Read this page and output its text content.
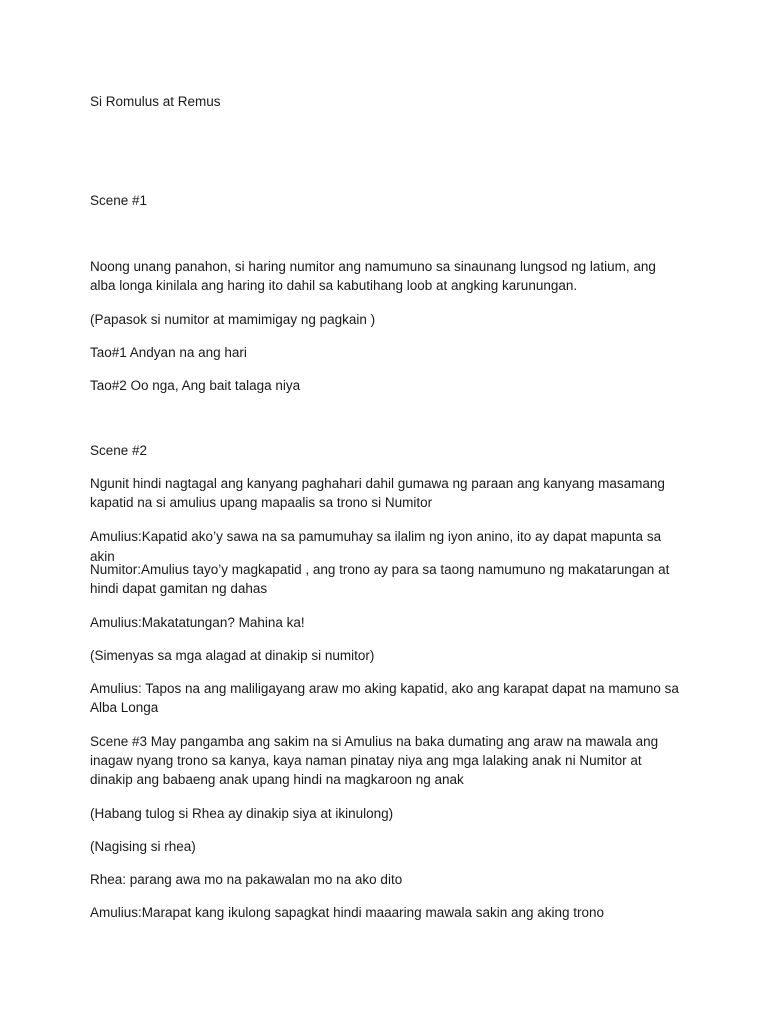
Si Romulus at Remus

Scene #1

Noong unang panahon, si haring numitor ang namumuno sa sinaunang lungsod ng latium, ang alba longa kinilala ang haring ito dahil sa kabutihang loob at angking karunungan.

(Papasok si numitor at mamimigay ng pagkain )

Tao#1 Andyan na ang hari

Tao#2 Oo nga, Ang bait talaga niya

Scene #2

Ngunit hindi nagtagal ang kanyang paghahari dahil gumawa ng paraan ang kanyang masamang kapatid na si amulius upang mapaalis sa trono si Numitor

Amulius:Kapatid ako’y sawa na sa pamumuhay sa ilalim ng iyon anino, ito ay dapat mapunta sa akin

Numitor:Amulius tayo’y magkapatid , ang trono ay para sa taong namumuno ng makatarungan at hindi dapat gamitan ng dahas

Amulius:Makatatungan? Mahina ka!

(Simenyas sa mga alagad at dinakip si numitor)

Amulius: Tapos na ang maliligayang araw mo aking kapatid, ako ang karapat dapat na mamuno sa Alba Longa

Scene #3 May pangamba ang sakim na si Amulius na baka dumating ang araw na mawala ang inagaw nyang trono sa kanya, kaya naman pinatay niya ang mga lalaking anak ni Numitor at dinakip ang babaeng anak upang hindi na magkaroon ng anak

(Habang tulog si Rhea ay dinakip siya at ikinulong)

(Nagising si rhea)

Rhea: parang awa mo na pakawalan mo na ako dito

Amulius:Marapat kang ikulong sapagkat hindi maaaring mawala sakin ang aking trono
